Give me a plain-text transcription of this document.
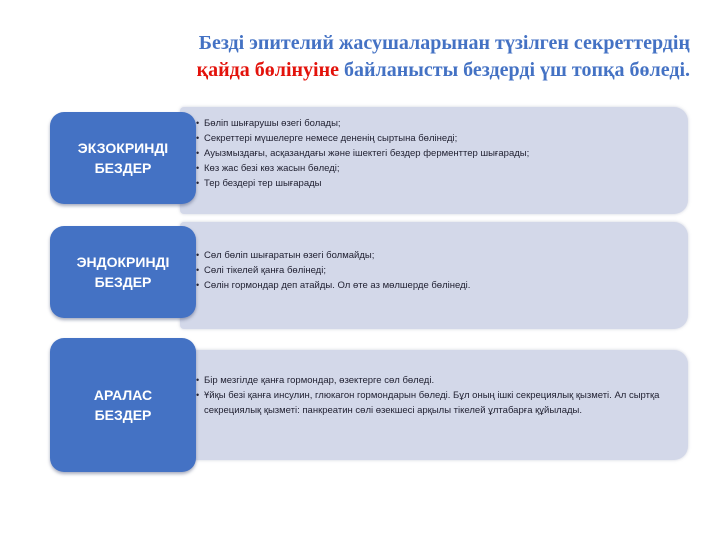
Безді эпителий жасушаларынан түзілген секреттердің
қайда бөлінуіне байланысты бездерді үш топқа бөледі.
• Бөліп шығарушы өзегі болады;
• Секреттері мүшелерге немесе дененің сыртына бөлінеді;
• Ауызмыздағы, асқазандағы және ішектегі бездер ферменттер шығарады;
• Көз жас безі көз жасын бөледі;
• Тер бездері тер шығарады
ЭКЗОКРИНДІ
БЕЗДЕР
• Сөл бөліп шығаратын өзегі болмайды;
• Сөлі тікелей қанға бөлінеді;
• Сөлін гормондар деп атайды. Ол өте аз мөлшерде бөлінеді.
ЭНДОКРИНДІ
БЕЗДЕР
• Бір мезгілде қанға гормондар, өзектерге сөл бөледі.
• Ұйқы безі қанға инсулин, глюкагон гормондарын бөледі. Бұл оның ішкі секрециялық қызметі. Ал сыртқа секрециялық қызметі: панкреатин сөлі өзекшесі арқылы тікелей ұлтабарға құйылады.
АРАЛАС
БЕЗДЕР
